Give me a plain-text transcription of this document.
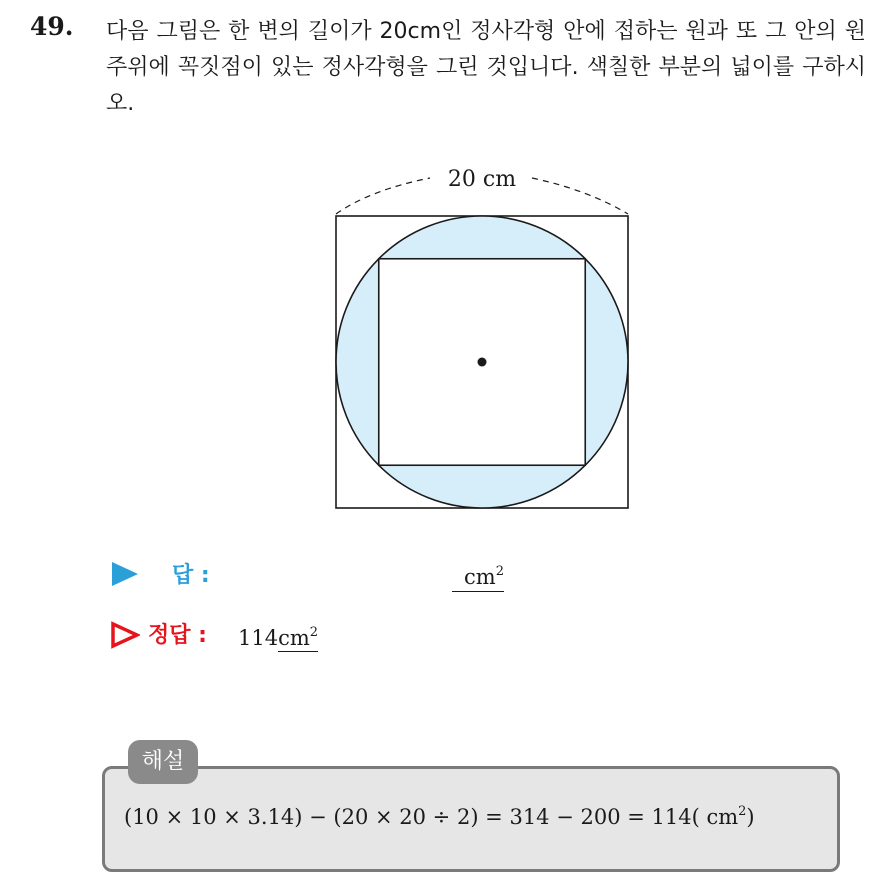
49. 다음 그림은 한 변의 길이가 20cm인 정사각형 안에 접하는 원과 또 그 안의 원 주위에 꼭짓점이 있는 정사각형을 그린 것입니다. 색칠한 부분의 넓이를 구하시오.
20 cm
답 :	$cm^2$
정답 : $114cm^2$
해설
(10 × 10 × 3.14) − (20 × 20 ÷ 2) = 314 − 200 = 114( $cm^2$)
